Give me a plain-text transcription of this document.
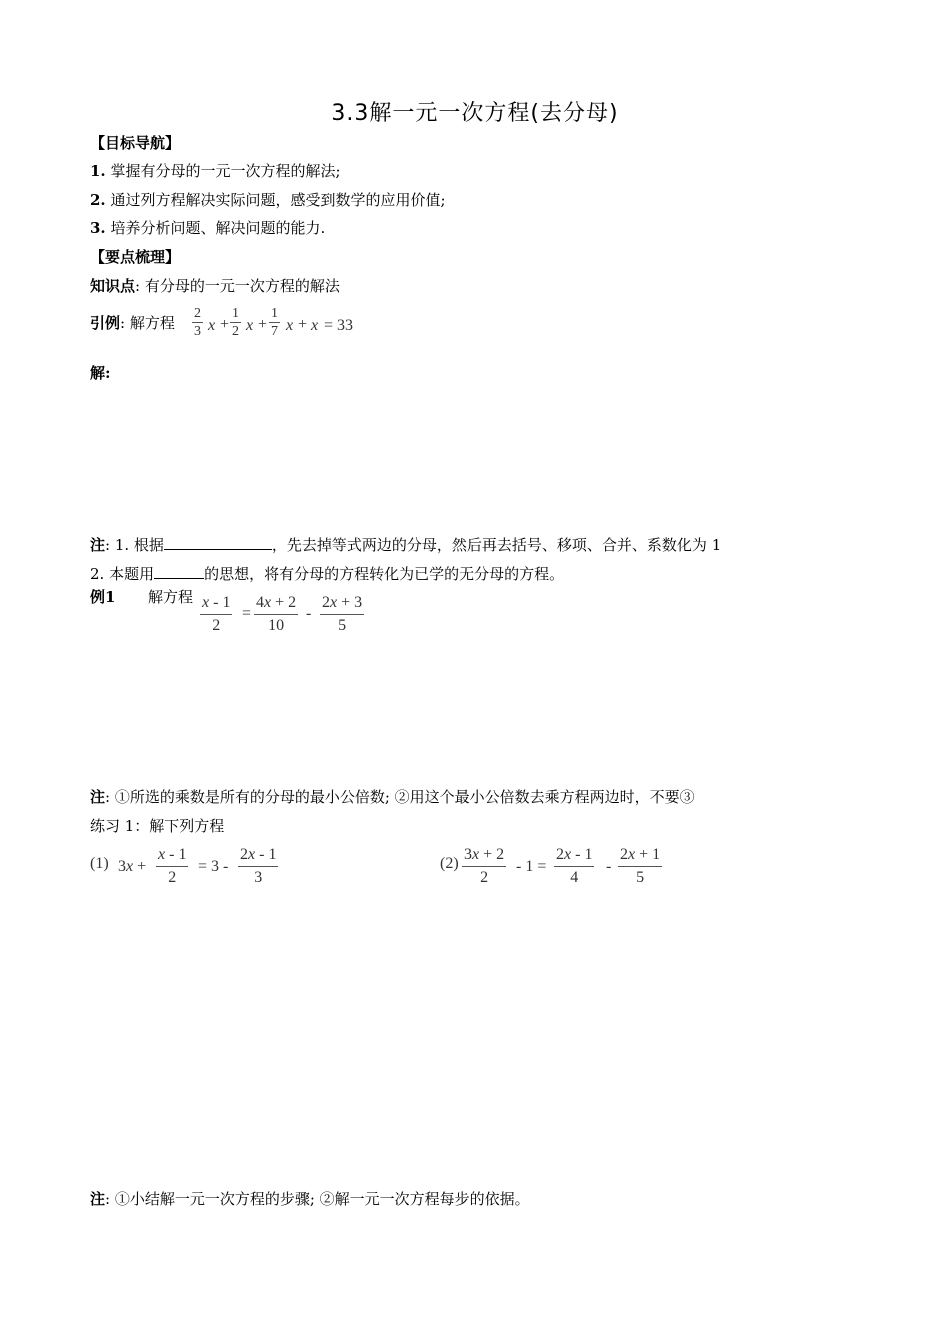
3.3解一元一次方程(去分母)
【目标导航】
1. 掌握有分母的一元一次方程的解法;
2. 通过列方程解决实际问题，感受到数学的应用价值;
3. 培养分析问题、解决问题的能力.
【要点梳理】
知识点: 有分母的一元一次方程的解法
引例: 解方程 $\frac{2}{3}$ $x + \frac{1}{2}$ $x + \frac{1}{7}$ x + x = 33
解:
注: 1. 根据	，先去掉等式两边的分母，然后再去括号、移项、合并、系数化为 1
2. 本题用	的思想，将有分母的方程转化为已学的无分母的方程。
例1 解方程 $\frac{x - 1}{2} = \frac{4x + 2}{10} - \frac{2x + 3}{5}$
注: ①所选的乘数是所有的分母的最小公倍数; ②用这个最小公倍数去乘方程两边时，不要③
练习 1：解下列方程
(1) $3x + \frac{x - 1}{2} = 3 - \frac{2x - 1}{3}$	$(2) \frac{3x + 2}{2} - 1 = \frac{2x - 1}{4} - \frac{2x + 1}{5}$
注: ①小结解一元一次方程的步骤; ②解一元一次方程每步的依据。
